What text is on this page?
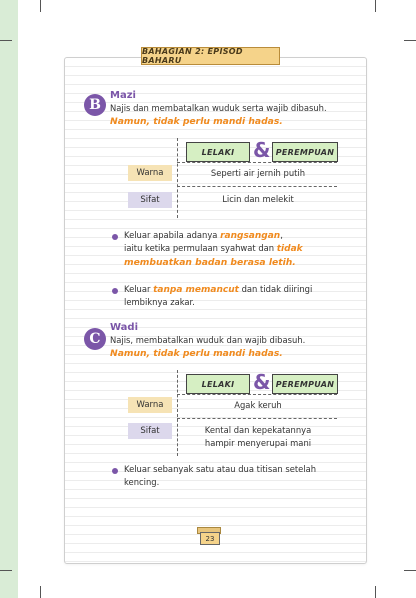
BAHAGIAN 2: EPISOD BAHARU
B
Mazi
Najis dan membatalkan wuduk serta wajib dibasuh.
Namun, tidak perlu mandi hadas.
LELAKI & PEREMPUAN
Warna	Seperti air jernih putih
Sifat	Licin dan melekit
Keluar apabila adanya rangsangan,
iaitu ketika permulaan syahwat dan tidak
membuatkan badan berasa letih.
Keluar tanpa memancut dan tidak diiringi
lembiknya zakar.
C
Wadi
Najis, membatalkan wuduk dan wajib dibasuh.
Namun, tidak perlu mandi hadas.
LELAKI & PEREMPUAN
Warna	Agak keruh
Sifat	Kental dan kepekatannya
hampir menyerupai mani
Keluar sebanyak satu atau dua titisan setelah
kencing.
23
